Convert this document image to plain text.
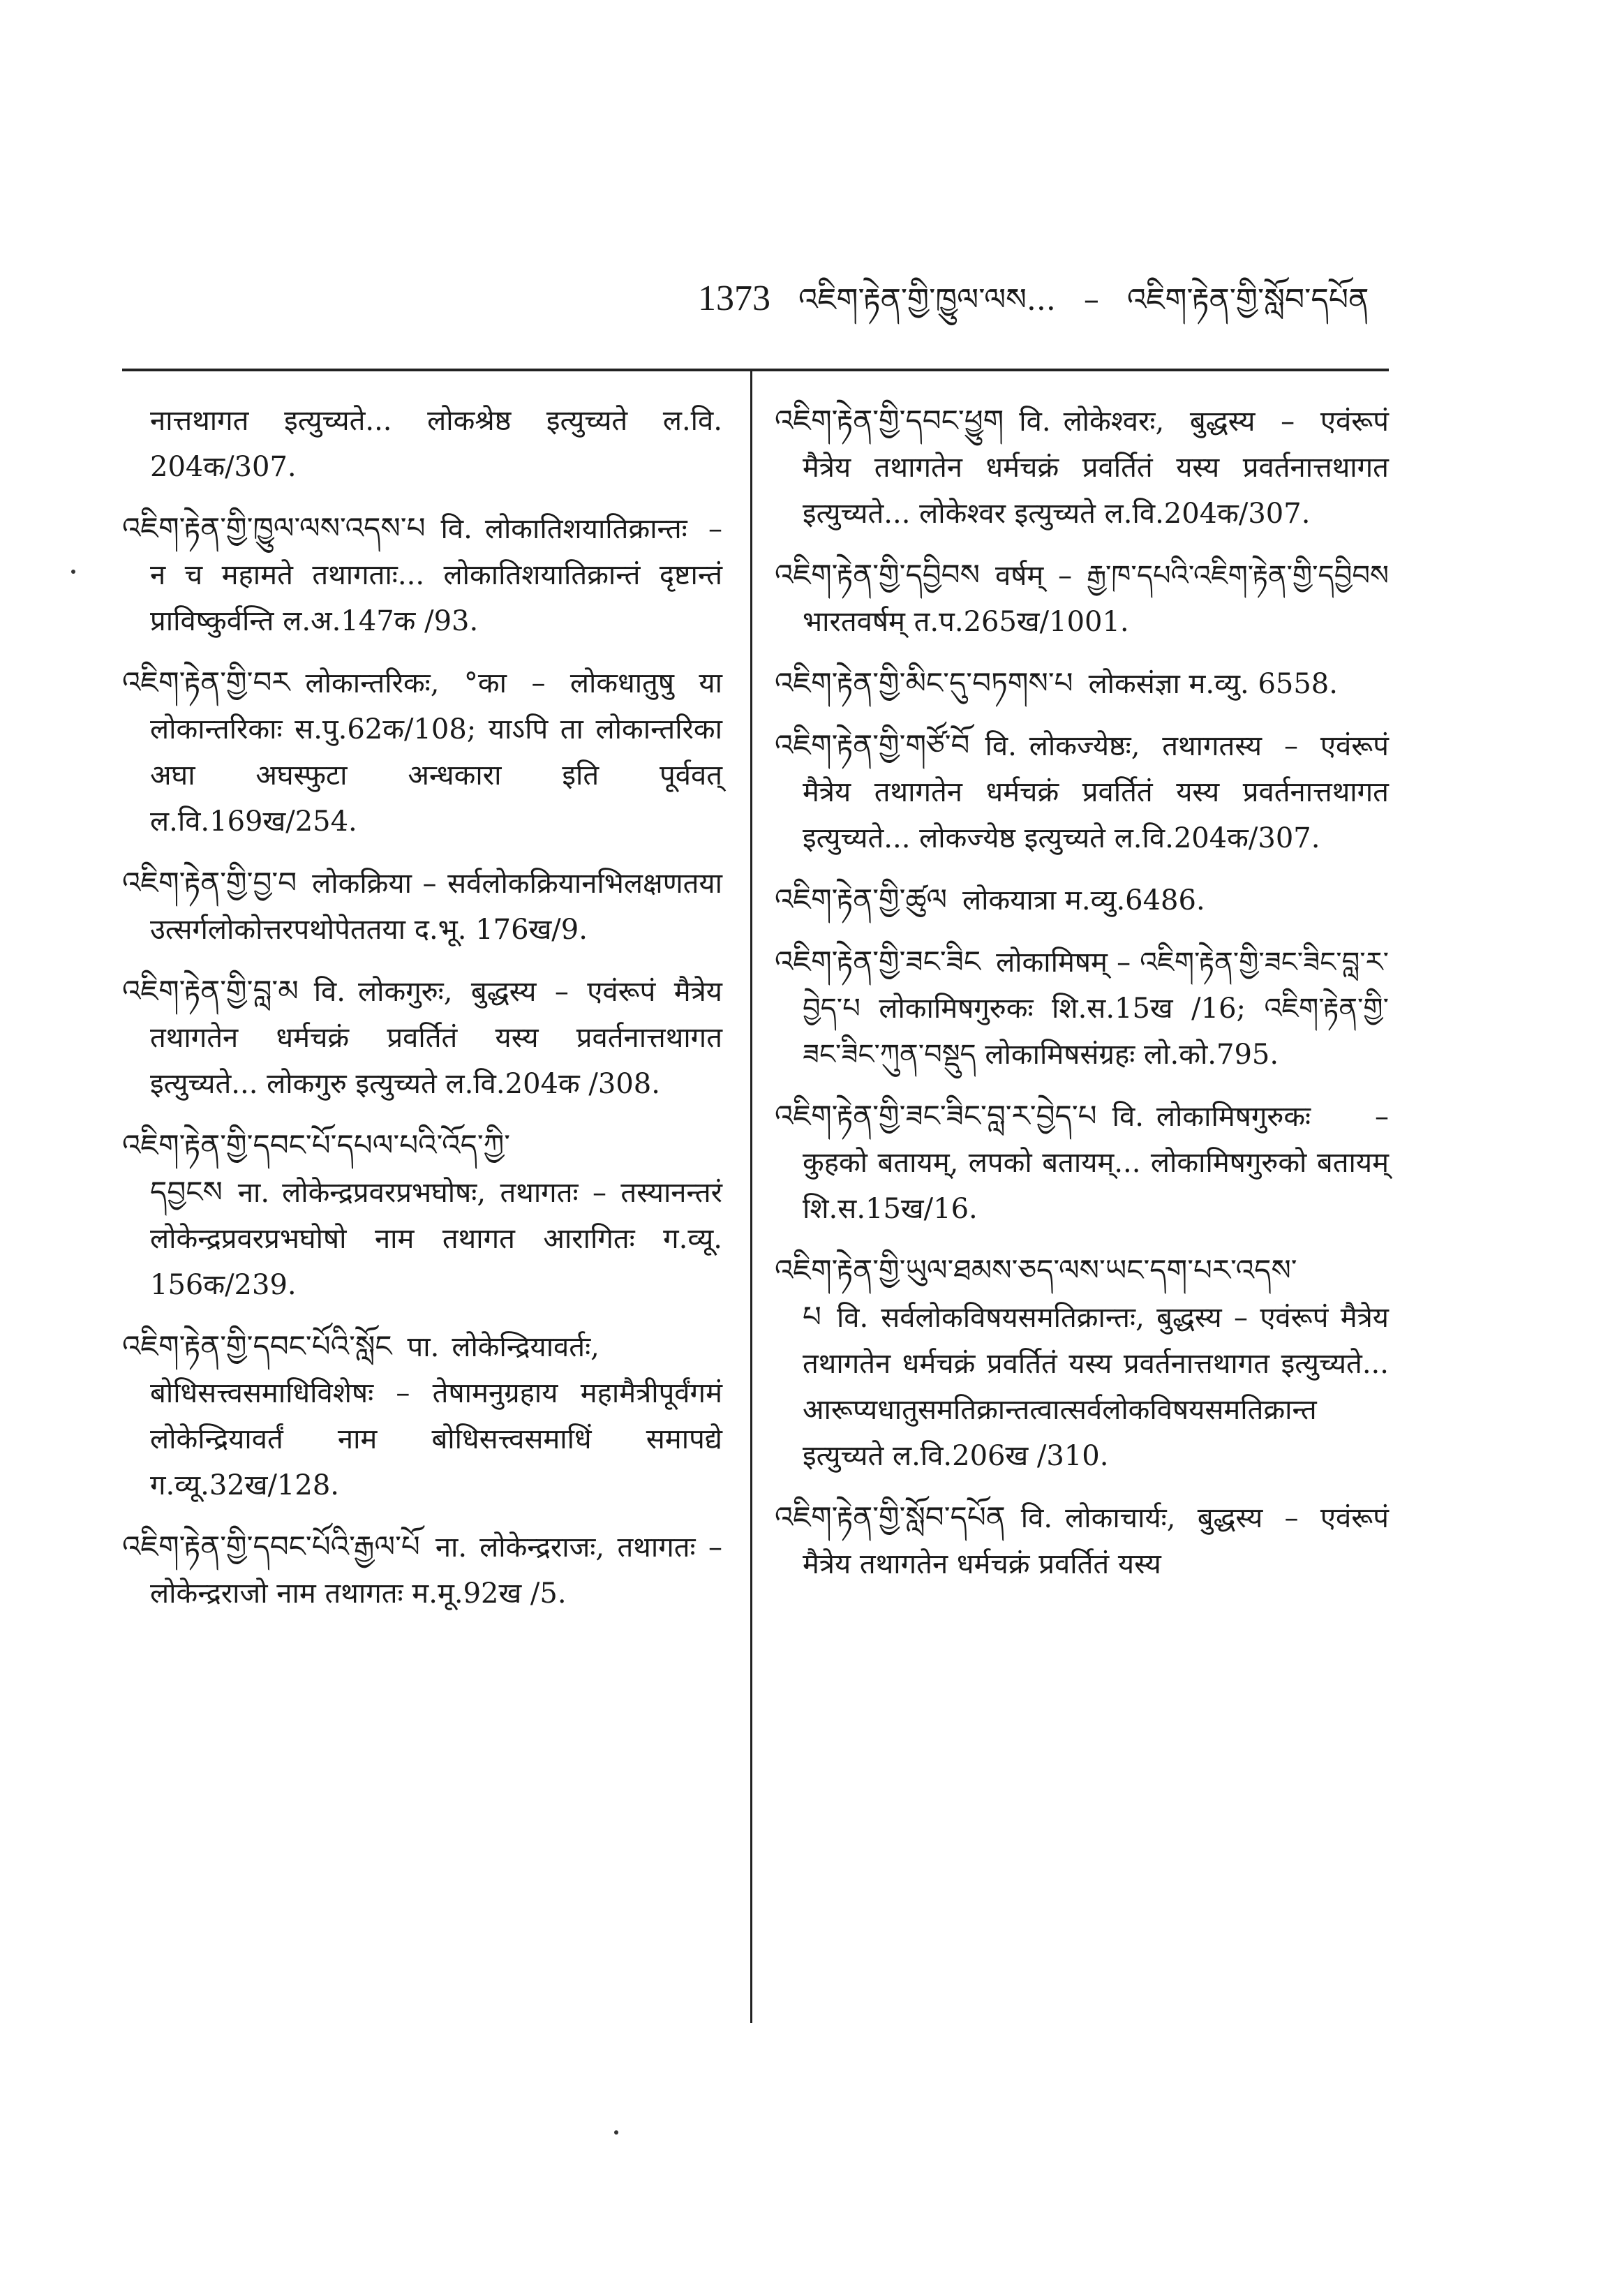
1373 འཇིག་རྟེན་གྱི་ཁྱུལ་ལས... – འཇིག་རྟེན་གྱི་སློབ་དཔོན
नात्तथागत इत्युच्यते... लोकश्रेष्ठ इत्युच्यते ल.वि. 204क/307.
འཇིག་རྟེན་གྱི་ཁྱུལ་ལས་འདས་པ वि. लोकातिशयातिक्रान्तः – न च महामते तथागताः... लोकातिशयातिक्रान्तं दृष्टान्तं प्राविष्कुर्वन्ति ल.अ.147क /93.
འཇིག་རྟེན་གྱི་བར लोकान्तरिकः, °का – लोकधातुषु या लोकान्तरिकाः स.पु.62क/108; याऽपि ता लोकान्तरिका अघा अघस्फुटा अन्धकारा इति पूर्ववत् ल.वि.169ख/254.
འཇིག་རྟེན་གྱི་བྱ་བ लोकक्रिया – सर्वलोकक्रियानभिलक्षणतया उत्सर्गलोकोत्तरपथोपेततया द.भू. 176ख/9.
འཇིག་རྟེན་གྱི་བླ་མ वि. लोकगुरुः, बुद्धस्य – एवंरूपं मैत्रेय तथागतेन धर्मचक्रं प्रवर्तितं यस्य प्रवर्तनात्तथागत इत्युच्यते... लोकगुरु इत्युच्यते ल.वि.204क /308.
འཇིག་རྟེན་གྱི་དབང་པོ་དཔལ་པའི་འོད་ཀྱི་དབྱངས ना. लोकेन्द्रप्रवरप्रभघोषः, तथागतः – तस्यानन्तरं लोकेन्द्रप्रवरप्रभघोषो नाम तथागत आरागितः ग.व्यू. 156क/239.
འཇིག་རྟེན་གྱི་དབང་པོའི་སློང पा. लोकेन्द्रियावर्तः, बोधिसत्त्वसमाधिविशेषः – तेषामनुग्रहाय महामैत्रीपूर्वंगमं लोकेन्द्रियावर्तं नाम बोधिसत्त्वसमाधिं समापद्ये ग.व्यू.32ख/128.
འཇིག་རྟེན་གྱི་དབང་པོའི་རྒྱལ་པོ ना. लोकेन्द्रराजः, तथागतः – लोकेन्द्रराजो नाम तथागतः म.मू.92ख /5.
འཇིག་རྟེན་གྱི་དབང་ཕྱུག वि. लोकेश्वरः, बुद्धस्य – एवंरूपं मैत्रेय तथागतेन धर्मचक्रं प्रवर्तितं यस्य प्रवर्तनात्तथागत इत्युच्यते... लोकेश्वर इत्युच्यते ल.वि.204क/307.
འཇིག་རྟེན་གྱི་དབྱིབས वर्षम् – རྒྱ་ཁ་དཔའི་འཇིག་རྟེན་གྱི་དབྱིབས भारतवर्षम् त.प.265ख/1001.
འཇིག་རྟེན་གྱི་མིང་དུ་བཏགས་པ लोकसंज्ञा म.व्यु. 6558.
འཇིག་རྟེན་གྱི་གཙོ་བོ वि. लोकज्येष्ठः, तथागतस्य – एवंरूपं मैत्रेय तथागतेन धर्मचक्रं प्रवर्तितं यस्य प्रवर्तनात्तथागत इत्युच्यते... लोकज्येष्ठ इत्युच्यते ल.वि.204क/307.
འཇིག་རྟེན་གྱི་ཚུལ लोकयात्रा म.व्यु.6486.
འཇིག་རྟེན་གྱི་ཟང་ཟིང लोकामिषम् – འཇིག་རྟེན་གྱི་ཟང་ཟིང་བླ་ར་བྱེད་པ लोकामिषगुरुकः शि.स.15ख /16; འཇིག་རྟེན་གྱི་ཟང་ཟིང་ཀུན་བསྡུད लोकामिषसंग्रहः लो.को.795.
འཇིག་རྟེན་གྱི་ཟང་ཟིང་བླ་ར་བྱེད་པ वि. लोकामिषगुरुकः – कुहको बतायम्, लपको बतायम्... लोकामिषगुरुको बतायम् शि.स.15ख/16.
འཇིག་རྟེན་གྱི་ཡུལ་ཐམས་ཅད་ལས་ཡང་དག་པར་འདས་པ वि. सर्वलोकविषयसमतिक्रान्तः, बुद्धस्य – एवंरूपं मैत्रेय तथागतेन धर्मचक्रं प्रवर्तितं यस्य प्रवर्तनात्तथागत इत्युच्यते... आरूप्यधातुसमतिक्रान्तत्वात्सर्वलोकविषयसमतिक्रान्त इत्युच्यते ल.वि.206ख /310.
འཇིག་རྟེན་གྱི་སློབ་དཔོན वि. लोकाचार्यः, बुद्धस्य – एवंरूपं मैत्रेय तथागतेन धर्मचक्रं प्रवर्तितं यस्य
